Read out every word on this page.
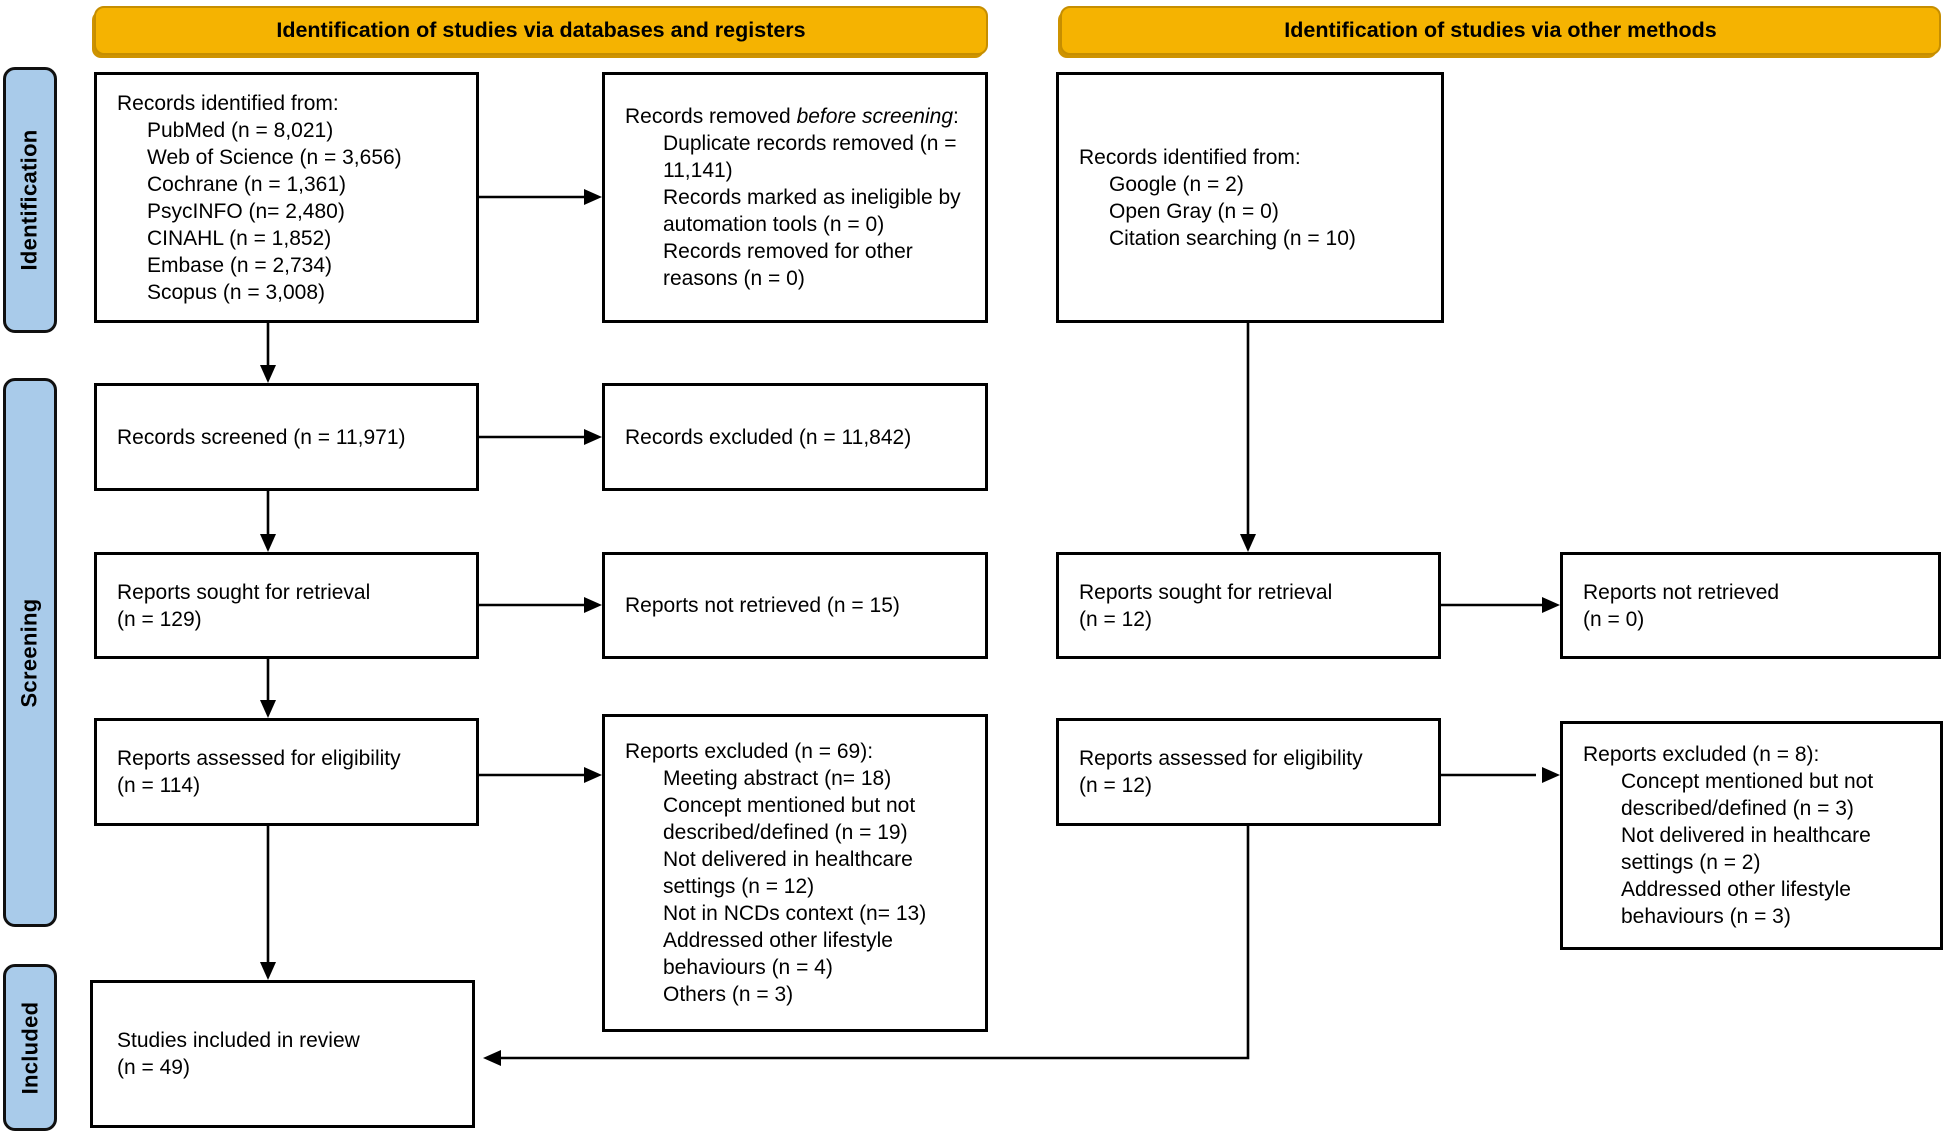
Identification of studies via databases and registers	Identification of studies via other methods
Identification
Screening
Included
Records identified from:
PubMed (n = 8,021)
Web of Science (n = 3,656)
Cochrane (n = 1,361)
PsycINFO (n= 2,480)
CINAHL (n = 1,852)
Embase (n = 2,734)
Scopus (n = 3,008)
Records removed before screening:
Duplicate records removed (n = 11,141)
Records marked as ineligible by automation tools (n = 0)
Records removed for other reasons (n = 0)
Records identified from:
Google (n = 2)
Open Gray (n = 0)
Citation searching (n = 10)
Records screened (n = 11,971)	Records excluded (n = 11,842)
Reports sought for retrieval
(n = 129)
Reports not retrieved (n = 15)
Reports sought for retrieval
(n = 12)
Reports not retrieved
(n = 0)
Reports assessed for eligibility
(n = 114)
Reports excluded (n = 69):
Meeting abstract (n= 18)
Concept mentioned but not described/defined (n = 19)
Not delivered in healthcare settings (n = 12)
Not in NCDs context (n= 13)
Addressed other lifestyle behaviours (n = 4)
Others (n = 3)
Reports assessed for eligibility
(n = 12)
Reports excluded (n = 8):
Concept mentioned but not described/defined (n = 3)
Not delivered in healthcare settings (n = 2)
Addressed other lifestyle behaviours (n = 3)
Studies included in review
(n = 49)
